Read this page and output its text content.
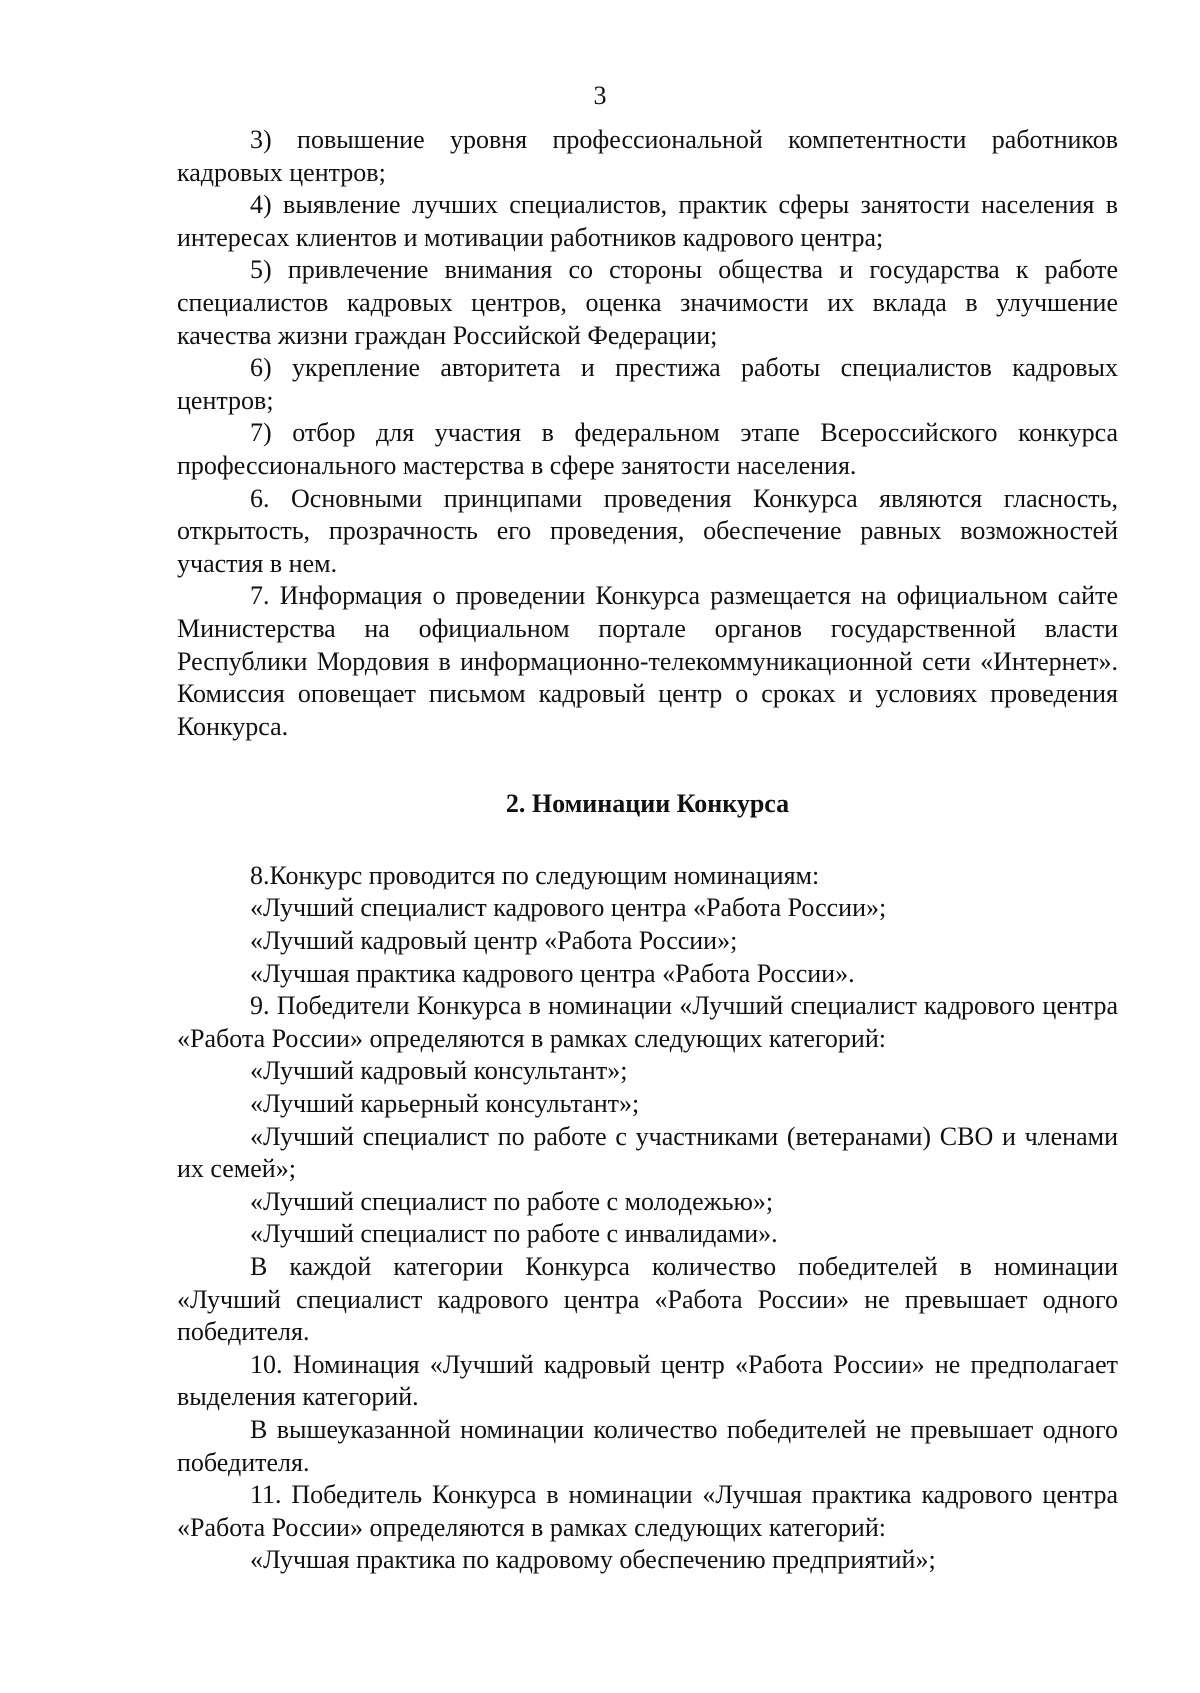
3

3) повышение уровня профессиональной компетентности работников кадровых центров;

4) выявление лучших специалистов, практик сферы занятости населения в интересах клиентов и мотивации работников кадрового центра;

5) привлечение внимания со стороны общества и государства к работе специалистов кадровых центров, оценка значимости их вклада в улучшение качества жизни граждан Российской Федерации;

6) укрепление авторитета и престижа работы специалистов кадровых центров;

7) отбор для участия в федеральном этапе Всероссийского конкурса профессионального мастерства в сфере занятости населения.

6. Основными принципами проведения Конкурса являются гласность, открытость, прозрачность его проведения, обеспечение равных возможностей участия в нем.

7. Информация о проведении Конкурса размещается на официальном сайте Министерства на официальном портале органов государственной власти Республики Мордовия в информационно-телекоммуникационной сети «Интернет». Комиссия оповещает письмом кадровый центр о сроках и условиях проведения Конкурса.

2. Номинации Конкурса

8.Конкурс проводится по следующим номинациям:

«Лучший специалист кадрового центра «Работа России»;

«Лучший кадровый центр «Работа России»;

«Лучшая практика кадрового центра «Работа России».

9. Победители Конкурса в номинации «Лучший специалист кадрового центра «Работа России» определяются в рамках следующих категорий:

«Лучший кадровый консультант»;

«Лучший карьерный консультант»;

«Лучший специалист по работе с участниками (ветеранами) СВО и членами их семей»;

«Лучший специалист по работе с молодежью»;

«Лучший специалист по работе с инвалидами».

В каждой категории Конкурса количество победителей в номинации «Лучший специалист кадрового центра «Работа России» не превышает одного победителя.

10. Номинация «Лучший кадровый центр «Работа России» не предполагает выделения категорий.

В вышеуказанной номинации количество победителей не превышает одного победителя.

11. Победитель Конкурса в номинации «Лучшая практика кадрового центра «Работа России» определяются в рамках следующих категорий:

«Лучшая практика по кадровому обеспечению предприятий»;
